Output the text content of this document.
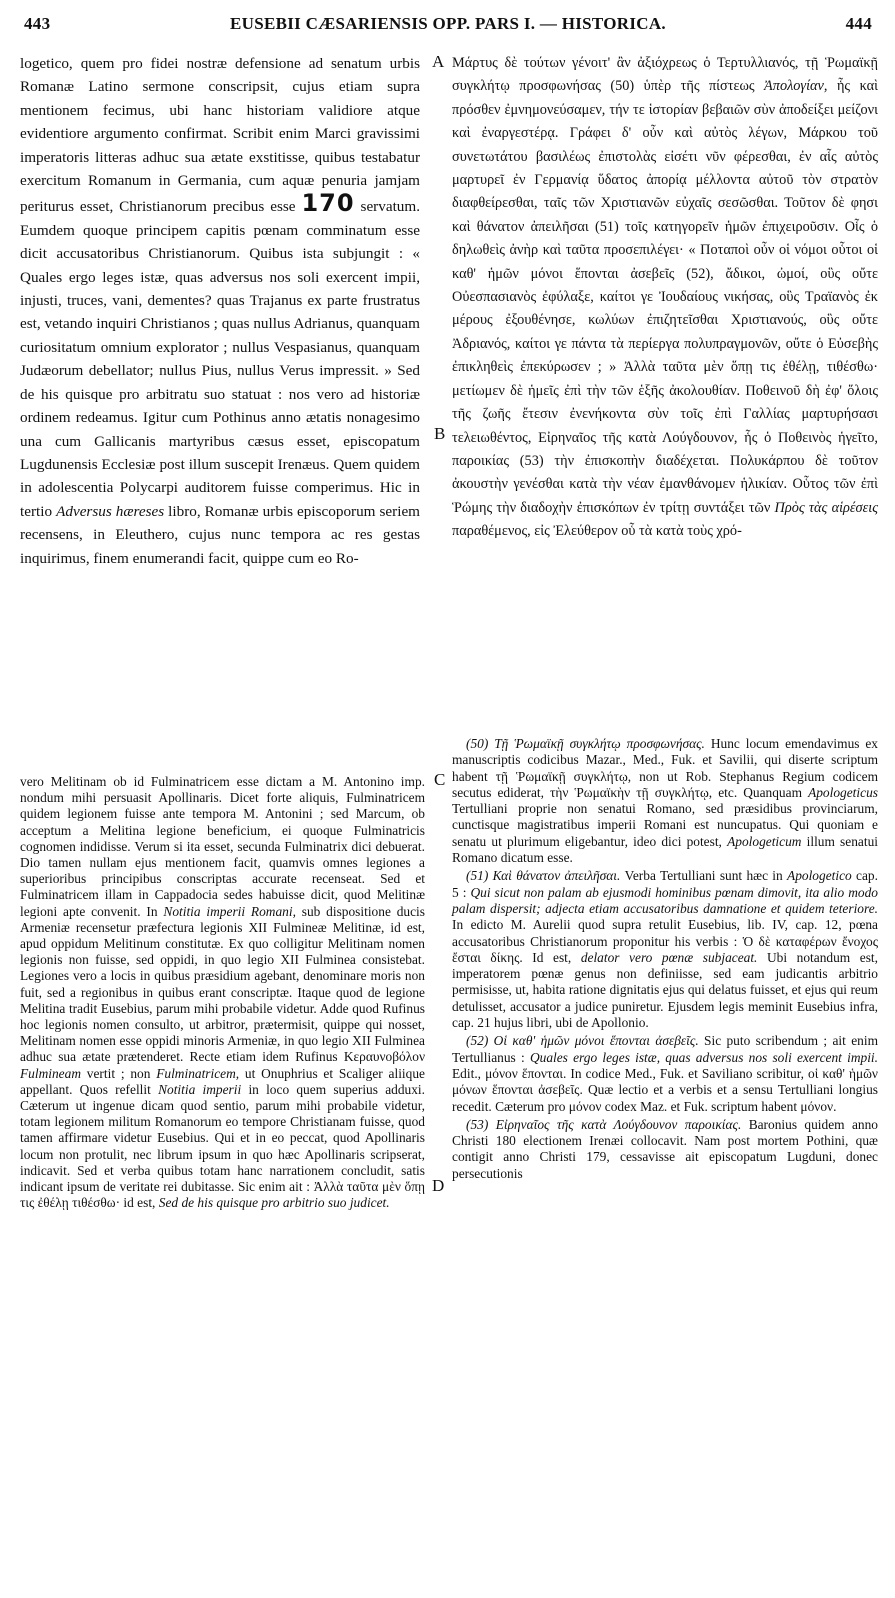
443	EUSEBII CÆSARIENSIS OPP. PARS I. — HISTORICA.	444
A
B
C
D

logetico, quem pro fidei nostræ defensione ad senatum urbis Romanæ Latino sermone conscripsit, cujus etiam supra mentionem fecimus, ubi hanc historiam validiore atque evidentiore argumento confirmat. Scribit enim Marci gravissimi imperatoris litteras adhuc sua ætate exstitisse, quibus testabatur exercitum Romanum in Germania, cum aquæ penuria jamjam periturus esset, Christianorum precibus esse 170 servatum. Eumdem quoque principem capitis pœnam comminatum esse dicit accusatoribus Christianorum. Quibus ista subjungit : « Quales ergo leges istæ, quas adversus nos soli exercent impii, injusti, truces, vani, dementes? quas Trajanus ex parte frustratus est, vetando inquiri Christianos ; quas nullus Adrianus, quanquam curiositatum omnium explorator ; nullus Vespasianus, quanquam Judæorum debellator; nullus Pius, nullus Verus impressit. » Sed de his quisque pro arbitratu suo statuat : nos vero ad historiæ ordinem redeamus. Igitur cum Pothinus anno ætatis nonagesimo una cum Gallicanis martyribus cæsus esset, episcopatum Lugdunensis Ecclesiæ post illum suscepit Irenæus. Quem quidem in adolescentia Polycarpi auditorem fuisse comperimus. Hic in tertio Adversus hæreses libro, Romanæ urbis episcoporum seriem recensens, in Eleuthero, cujus nunc tempora ac res gestas inquirimus, finem enumerandi facit, quippe cum eo Ro-

Μάρτυς δὲ τούτων γένοιτ' ἂν ἀξιόχρεως ὁ Τερτυλλιανός, τῇ Ῥωμαϊκῇ συγκλήτῳ προσφωνήσας (50) ὑπὲρ τῆς πίστεως Ἀπολογίαν, ἧς καὶ πρόσθεν ἐμνημονεύσαμεν, τήν τε ἱστορίαν βεβαιῶν σὺν ἀποδείξει μείζονι καὶ ἐναργεστέρᾳ. Γράφει δ' οὖν καὶ αὐτὸς λέγων, Μάρκου τοῦ συνετωτάτου βασιλέως ἐπιστολὰς εἰσέτι νῦν φέρεσθαι, ἐν αἷς αὐτὸς μαρτυρεῖ ἐν Γερμανίᾳ ὕδατος ἀπορίᾳ μέλλοντα αὐτοῦ τὸν στρατὸν διαφθείρεσθαι, ταῖς τῶν Χριστιανῶν εὐχαῖς σεσῶσθαι. Τοῦτον δὲ φησι καὶ θάνατον ἀπειλῆσαι (51) τοῖς κατηγορεῖν ἡμῶν ἐπιχειροῦσιν. Οἷς ὁ δηλωθεὶς ἀνὴρ καὶ ταῦτα προσεπιλέγει· « Ποταποὶ οὖν οἱ νόμοι οὗτοι οἱ καθ' ἡμῶν μόνοι ἕπονται ἀσεβεῖς (52), ἄδικοι, ὠμοί, οὓς οὔτε Οὐεσπασιανὸς ἐφύλαξε, καίτοι γε Ἰουδαίους νικήσας, οὓς Τραϊανὸς ἐκ μέρους ἐξουθένησε, κωλύων ἐπιζητεῖσθαι Χριστιανούς, οὓς οὔτε Ἀδριανός, καίτοι γε πάντα τὰ περίεργα πολυπραγμονῶν, οὔτε ὁ Εὐσεβὴς ἐπικληθεὶς ἐπεκύρωσεν ; » Ἀλλὰ ταῦτα μὲν ὅπῃ τις ἐθέλῃ, τιθέσθω· μετίωμεν δὲ ἡμεῖς ἐπὶ τὴν τῶν ἑξῆς ἀκολουθίαν. Ποθεινοῦ δὴ ἐφ' ὅλοις τῆς ζωῆς ἔτεσιν ἐνενήκοντα σὺν τοῖς ἐπὶ Γαλλίας μαρτυρήσασι τελειωθέντος, Εἰρηναῖος τῆς κατὰ Λούγδουνον, ἧς ὁ Ποθεινὸς ἡγεῖτο, παροικίας (53) τὴν ἐπισκοπὴν διαδέχεται. Πολυκάρπου δὲ τοῦτον ἀκουστὴν γενέσθαι κατὰ τὴν νέαν ἐμανθάνομεν ἡλικίαν. Οὗτος τῶν ἐπὶ Ῥώμης τὴν διαδοχὴν ἐπισκόπων ἐν τρίτῃ συντάξει τῶν Πρὸς τὰς αἱρέσεις παραθέμενος, εἰς Ἐλεύθερον οὗ τὰ κατὰ τοὺς χρό-

vero Melitinam ob id Fulminatricem esse dictam a M. Antonino imp. nondum mihi persuasit Apollinaris. Dicet forte aliquis, Fulminatricem quidem legionem fuisse ante tempora M. Antonini ; sed Marcum, ob acceptum a Melitina legione beneficium, ei quoque Fulminatricis cognomen indidisse. Verum si ita esset, secunda Fulminatrix dici debuerat. Dio tamen nullam ejus mentionem facit, quamvis omnes legiones a superioribus principibus conscriptas accurate recenseat. Sed et Fulminatricem illam in Cappadocia sedes habuisse dicit, quod Melitinæ legioni apte convenit. In Notitia imperii Romani, sub dispositione ducis Armeniæ recensetur præfectura legionis XII Fulmineæ Melitinæ, id est, apud oppidum Melitinum constitutæ. Ex quo colligitur Melitinam nomen legionis non fuisse, sed oppidi, in quo legio XII Fulminea consistebat. Legiones vero a locis in quibus præsidium agebant, denominare moris non fuit, sed a regionibus in quibus erant conscriptæ. Itaque quod de legione Melitina tradit Eusebius, parum mihi probabile videtur. Adde quod Rufinus hoc legionis nomen consulto, ut arbitror, prætermisit, quippe qui nosset, Melitinam nomen esse oppidi minoris Armeniæ, in quo legio XII Fulminea adhuc sua ætate prætenderet. Recte etiam idem Rufinus Κεραυνοβόλον Fulmineam vertit ; non Fulminatricem, ut Onuphrius et Scaliger aliique appellant. Quos refellit Notitia imperii in loco quem superius adduxi. Cæterum ut ingenue dicam quod sentio, parum mihi probabile videtur, totam legionem militum Romanorum eo tempore Christianam fuisse, quod tamen affirmare videtur Eusebius. Qui et in eo peccat, quod Apollinaris locum non protulit, nec librum ipsum in quo hæc Apollinaris scripserat, indicavit. Sed et verba quibus totam hanc narrationem concludit, satis indicant ipsum de veritate rei dubitasse. Sic enim ait : Ἀλλὰ ταῦτα μὲν ὅπῃ τις ἐθέλῃ τιθέσθω· id est, Sed de his quisque pro arbitrio suo judicet.

(50) Τῇ Ῥωμαϊκῇ συγκλήτῳ προσφωνήσας. Hunc locum emendavimus ex manuscriptis codicibus Mazar., Med., Fuk. et Savilii, qui diserte scriptum habent τῇ Ῥωμαϊκῇ συγκλήτῳ, non ut Rob. Stephanus Regium codicem secutus ediderat, τὴν Ῥωμαϊκὴν τῇ συγκλήτῳ, etc. Quanquam Apologeticus Tertulliani proprie non senatui Romano, sed præsidibus provinciarum, cunctisque magistratibus imperii Romani est nuncupatus. Qui quoniam e senatu ut plurimum eligebantur, ideo dici potest, Apologeticum illum senatui Romano dicatum esse.

(51) Καὶ θάνατον ἀπειλῆσαι. Verba Tertulliani sunt hæc in Apologetico cap. 5 : Qui sicut non palam ab ejusmodi hominibus pœnam dimovit, ita alio modo palam dispersit; adjecta etiam accusatoribus damnatione et quidem teteriore. In edicto M. Aurelii quod supra retulit Eusebius, lib. IV, cap. 12, pœna accusatoribus Christianorum proponitur his verbis : Ὁ δὲ καταφέρων ἔνοχος ἔσται δίκης. Id est, delator vero pœnæ subjaceat. Ubi notandum est, imperatorem pœnæ genus non definiisse, sed eam judicantis arbitrio permisisse, ut, habita ratione dignitatis ejus qui delatus fuisset, et ejus qui reum detulisset, accusator a judice puniretur. Ejusdem legis meminit Eusebius infra, cap. 21 hujus libri, ubi de Apollonio.

(52) Οἱ καθ' ἡμῶν μόνοι ἕπονται ἀσεβεῖς. Sic puto scribendum ; ait enim Tertullianus : Quales ergo leges istæ, quas adversus nos soli exercent impii. Edit., μόνον ἕπονται. In codice Med., Fuk. et Saviliano scribitur, οἱ καθ' ἡμῶν μόνων ἕπονται ἀσεβεῖς. Quæ lectio et a verbis et a sensu Tertulliani longius recedit. Cæterum pro μόνον codex Maz. et Fuk. scriptum habent μόνον.

(53) Εἰρηναῖος τῆς κατὰ Λούγδουνον παροικίας. Baronius quidem anno Christi 180 electionem Irenæi collocavit. Nam post mortem Pothini, quæ contigit anno Christi 179, cessavisse ait episcopatum Lugduni, donec persecutionis
